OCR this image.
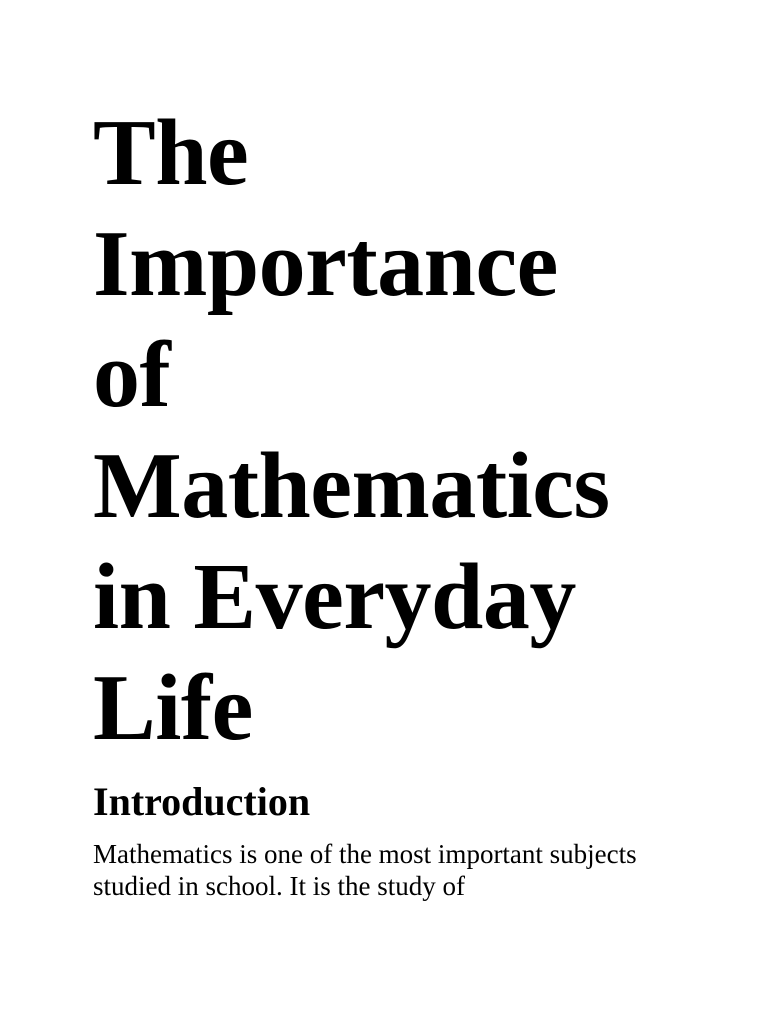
The
Importance
of
Mathematics
in Everyday
Life
Introduction

Mathematics is one of the most important subjects studied in school. It is the study of
